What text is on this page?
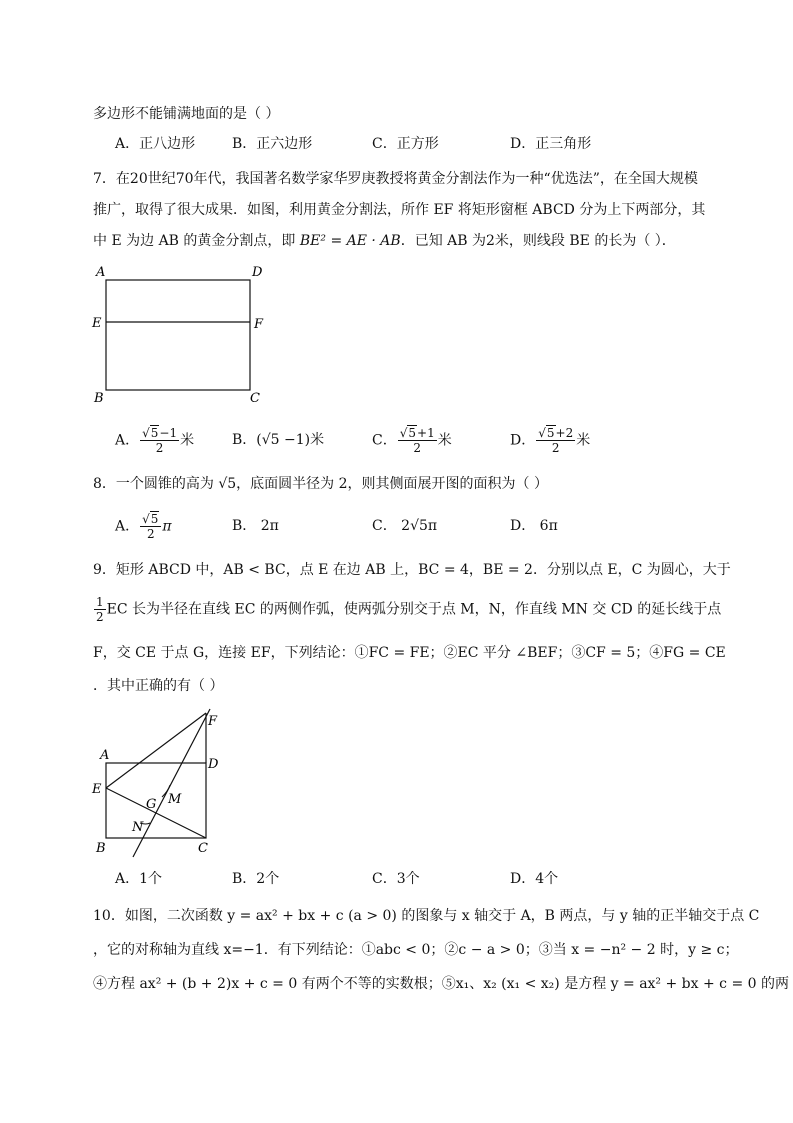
多边形不能铺满地面的是（ ）
A．正八边形	B．正六边形	C．正方形	D．正三角形
7．在20世纪70年代，我国著名数学家华罗庚教授将黄金分割法作为一种“优选法”，在全国大规模
推广，取得了很大成果．如图，利用黄金分割法，所作 EF 将矩形窗框 ABCD 分为上下两部分，其
中 E 为边 AB 的黄金分割点，即 BE² = AE · AB．已知 AB 为2米，则线段 BE 的长为（ ）．
A	D
E	F
B	C
A． $\frac{√5-1}{2}$ 米	B．(√5 −1)米	C． $\frac{√5+1}{2}$ 米	D． $\frac{√5+2}{2}$ 米
8．一个圆锥的高为 √5，底面圆半径为 2，则其侧面展开图的面积为（ ）
A． $\frac{√5}{2}$ π	B． 2π	C． 2√5π	D． 6π
9．矩形 ABCD 中，AB < BC，点 E 在边 AB 上，BC = 4，BE = 2．分别以点 E，C 为圆心，大于
$\frac{1}{2}$ EC 长为半径在直线 EC 的两侧作弧，使两弧分别交于点 M，N，作直线 MN 交 CD 的延长线于点
F，交 CE 于点 G，连接 EF，下列结论：①FC = FE；②EC 平分 ∠BEF；③CF = 5；④FG = CE
．其中正确的有（ ）
F
A
D
E
G M
N
B	C
A．1个	B．2个	C．3个	D．4个
10．如图，二次函数 y = ax² + bx + c (a > 0) 的图象与 x 轴交于 A，B 两点，与 y 轴的正半轴交于点 C
，它的对称轴为直线 x=−1．有下列结论：①abc < 0；②c − a > 0；③当 x = −n² − 2 时，y ≥ c；
④方程 ax² + (b + 2)x + c = 0 有两个不等的实数根；⑤x₁、x₂ (x₁ < x₂) 是方程 y = ax² + bx + c = 0 的两
